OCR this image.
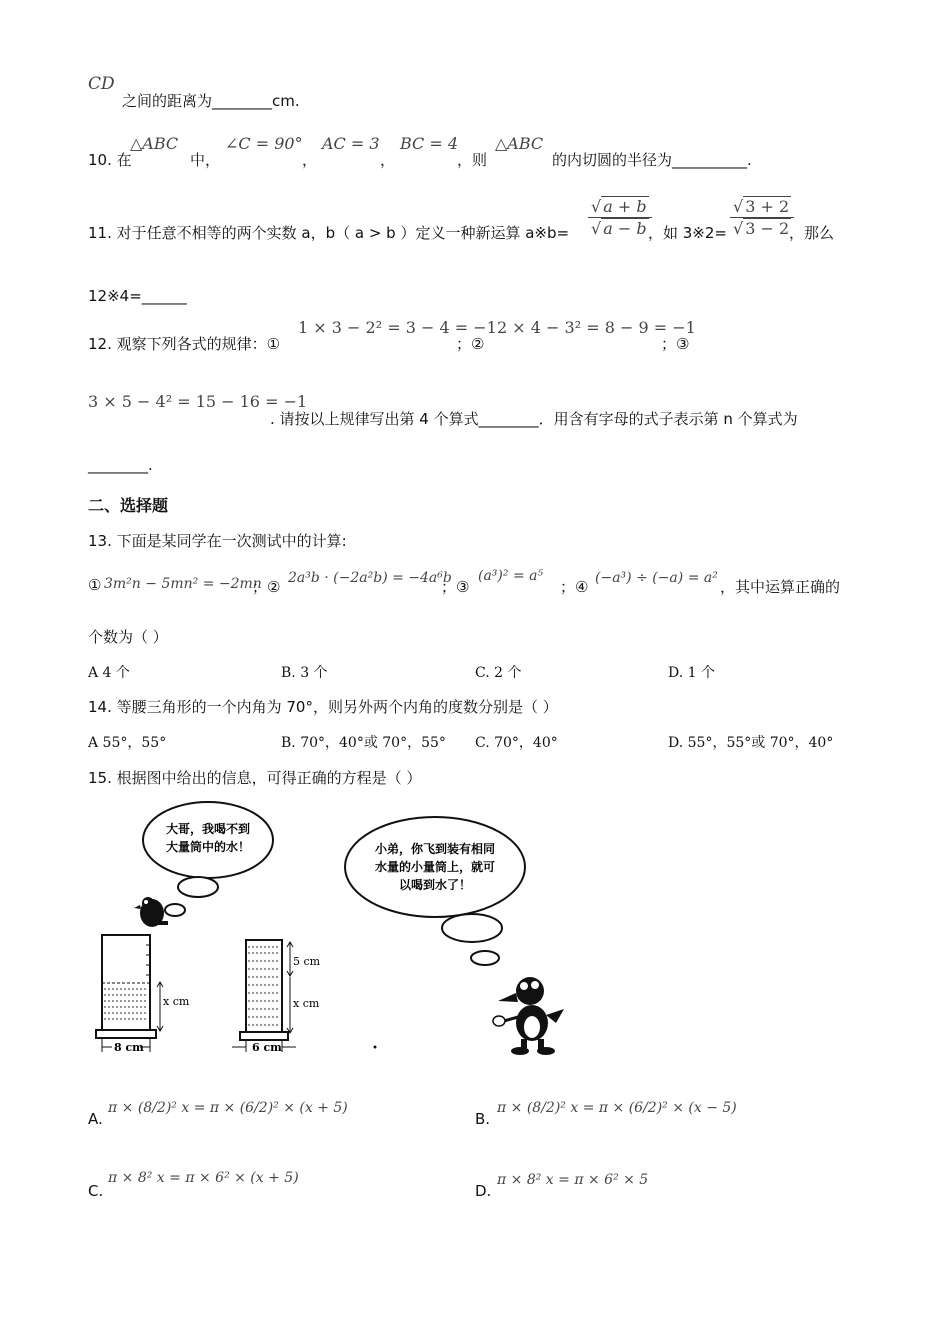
CD
之间的距离为________cm.
10. 在
△ABC
中，
∠C = 90°
，
AC = 3
，
BC = 4
，则
△ABC
的内切圆的半径为__________.
11. 对于任意不相等的两个实数 a，b（ a > b ）定义一种新运算 a※b= $\frac{√ a + b}{√ a - b}$
，如 3※2= $\frac{√ 3 + 2}{√ 3 - 2}$
，那么
12※4=______
12. 观察下列各式的规律：①
1 × 3 − 2² = 3 − 4 = −1
；②
2 × 4 − 3² = 8 − 9 = −1
；③
3 × 5 − 4² = 15 − 16 = −1
. 请按以上规律写出第 4 个算式________．用含有字母的式子表示第 n 个算式为
________.
二、选择题
13. 下面是某同学在一次测试中的计算:
① 3m²n − 5mn² = −2mn
；② 2a³b · (−2a²b) = −4a⁶b
；③
(a³)² = a⁵
；④ (−a³) ÷ (−a) = a² ，其中运算正确的
个数为（ ）
A 4 个	B. 3 个	C. 2 个	D. 1 个
14. 等腰三角形的一个内角为 70°，则另外两个内角的度数分别是（ ）
A 55°，55°	B. 70°，40°或 70°，55° C. 70°，40°	D. 55°，55°或 70°，40°
15. 根据图中给出的信息，可得正确的方程是（ ）
大哥，我喝不到
大量筒中的水！	小弟，你飞到装有相同
水量的小量筒上，就可
以喝到水了！
x cm
8 cm
5 cm
x cm
6 cm
A.
π × (8/2)² x = π × (6/2)² × (x + 5)
B.
π × (8/2)² x = π × (6/2)² × (x − 5)
C.
π × 8² x = π × 6² × (x + 5)
D.
π × 8² x = π × 6² × 5
